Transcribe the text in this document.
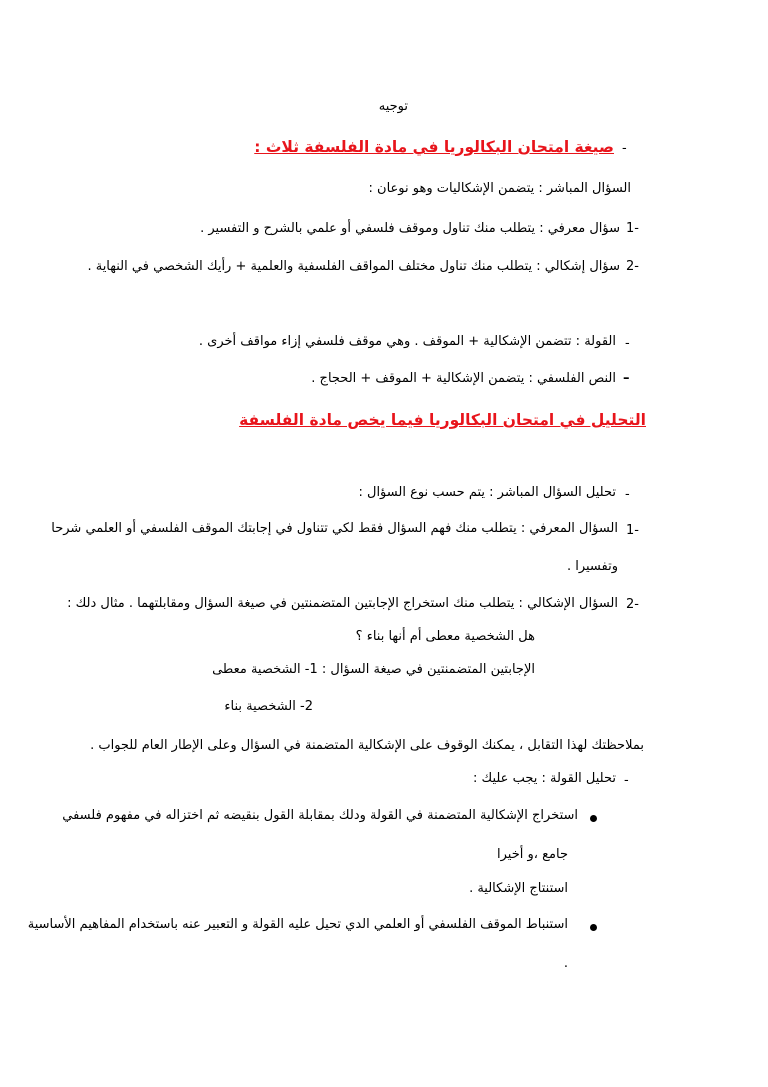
توجيه
-
صيغة امتحان البكالوريا في مادة الفلسفة ثلاث :
السؤال المباشر : يتضمن الإشكاليات وهو نوعان :
1-
سؤال معرفي : يتطلب منك تناول وموقف فلسفي أو علمي بالشرح و التفسير .
2-
سؤال إشكالي : يتطلب منك تناول مختلف المواقف الفلسفية والعلمية + رأيك الشخصي في النهاية .
-
القولة : تتضمن الإشكالية + الموقف . وهي موقف فلسفي إزاء مواقف أخرى .
–
النص الفلسفي : يتضمن الإشكالية + الموقف + الحجاج .
التحليل في امتحان البكالوريا فيما يخص مادة الفلسفة
-
تحليل السؤال المباشر : يتم حسب نوع السؤال :
1-
السؤال المعرفي : يتطلب منك فهم السؤال فقط لكي تتناول في إجابتك الموقف الفلسفي أو العلمي شرحا
وتفسيرا .
2-
السؤال الإشكالي : يتطلب منك استخراج الإجابتين المتضمنتين في صيغة السؤال ومقابلتهما . مثال دلك :
هل الشخصية معطى أم أنها بناء ؟
الإجابتين المتضمنتين في صيغة السؤال : 1- الشخصية معطى
2- الشخصية بناء
بملاحظتك لهذا التقابل ، يمكنك الوقوف على الإشكالية المتضمنة في السؤال وعلى الإطار العام للجواب .
-
تحليل القولة : يجب عليك :
استخراج الإشكالية المتضمنة في القولة ودلك بمقابلة القول بنقيضه ثم اختزاله في مفهوم فلسفي
جامع ،و أخيرا
استنتاج الإشكالية .
استنباط الموقف الفلسفي أو العلمي الدي تحيل عليه القولة و التعبير عنه باستخدام المفاهيم الأساسية
.
